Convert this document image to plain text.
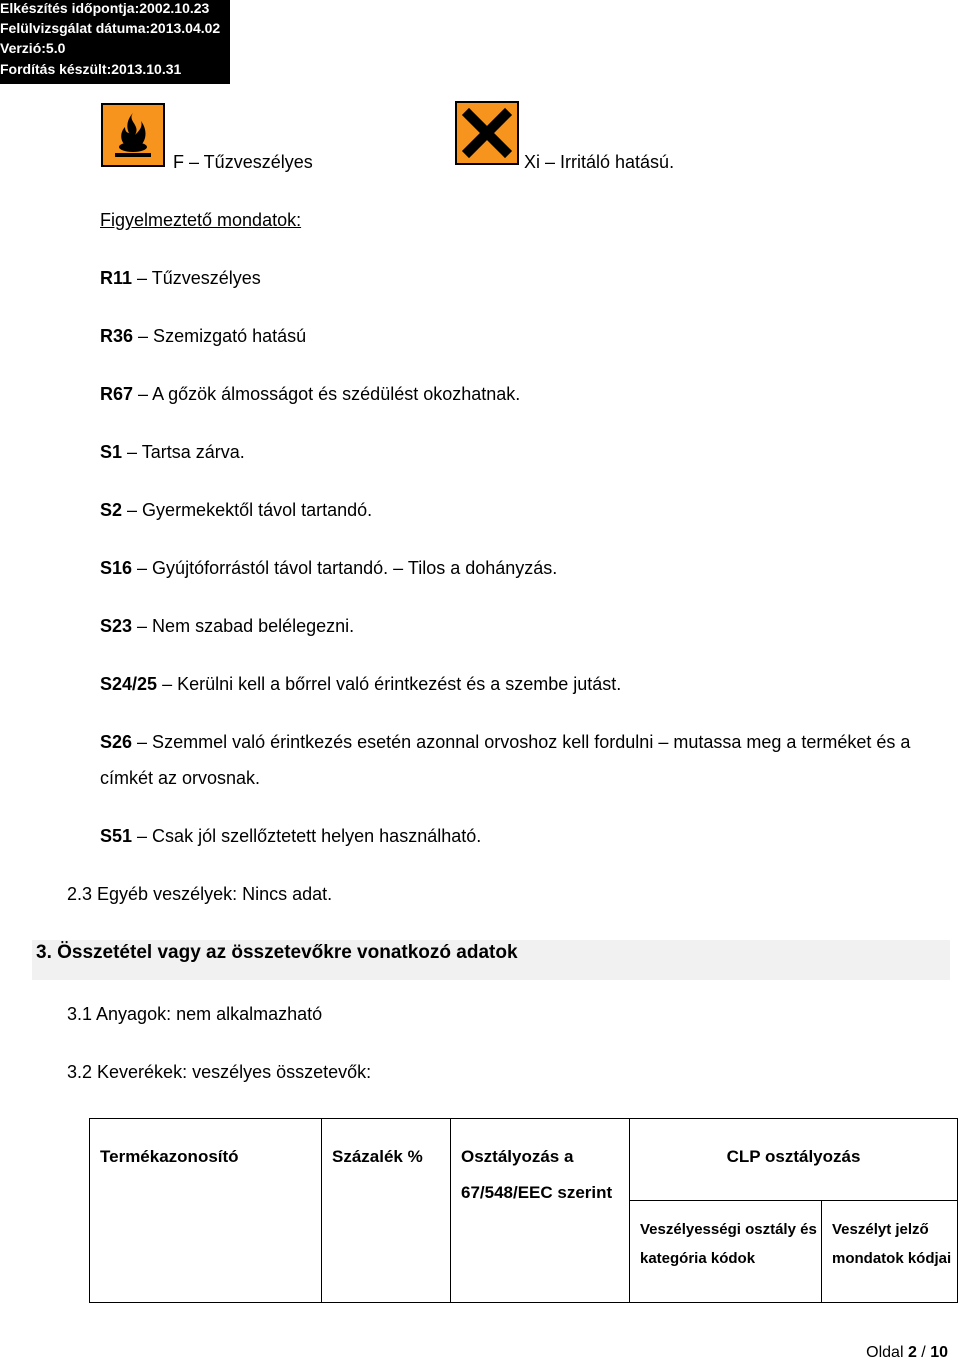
Elkészítés időpontja:2002.10.23
Felülvizsgálat dátuma:2013.04.02
Verzió:5.0
Fordítás készült:2013.10.31
F – Tűzveszélyes	Xi – Irritáló hatású.
Figyelmeztető mondatok:
R11 – Tűzveszélyes
R36 – Szemizgató hatású
R67 – A gőzök álmosságot és szédülést okozhatnak.
S1 – Tartsa zárva.
S2 – Gyermekektől távol tartandó.
S16 – Gyújtóforrástól távol tartandó. – Tilos a dohányzás.
S23 – Nem szabad belélegezni.
S24/25 – Kerülni kell a bőrrel való érintkezést és a szembe jutást.
S26 – Szemmel való érintkezés esetén azonnal orvoshoz kell fordulni – mutassa meg a terméket és a
címkét az orvosnak.
S51 – Csak jól szellőztetett helyen használható.
2.3 Egyéb veszélyek: Nincs adat.
3. Összetétel vagy az összetevőkre vonatkozó adatok
3.1 Anyagok: nem alkalmazható
3.2 Keverékek: veszélyes összetevők:
Termékazonosító	Százalék %	Osztályozás a
67/548/EEC szerint	CLP osztályozás	

			Veszélyességi osztály és
kategória kódok	Veszélyt jelző
mondatok kódjai
Oldal 2 / 10
